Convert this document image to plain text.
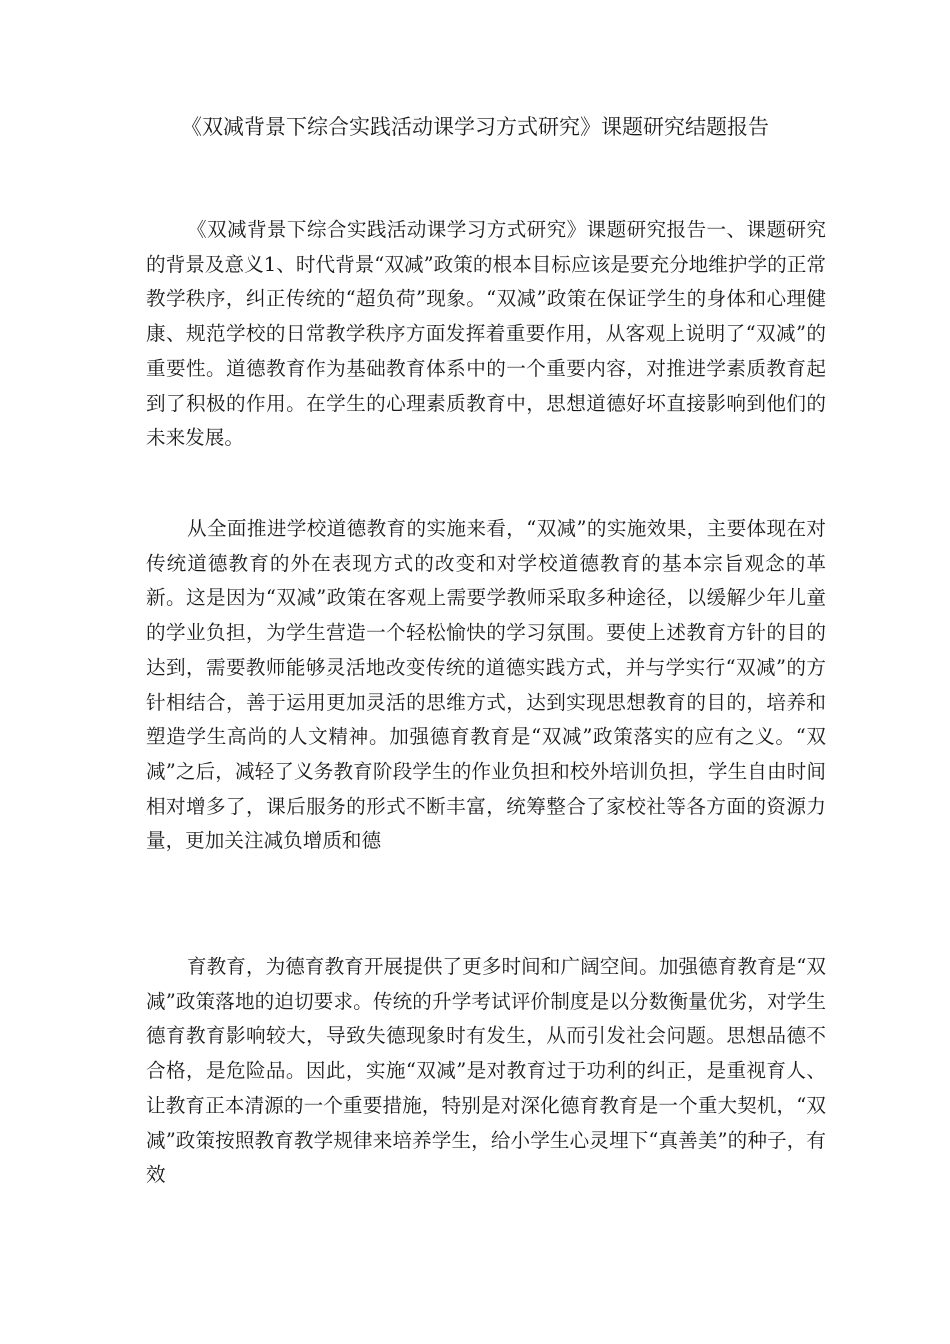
《双减背景下综合实践活动课学习方式研究》课题研究结题报告

《双减背景下综合实践活动课学习方式研究》课题研究报告一、课题研究的背景及意义1、时代背景“双减”政策的根本目标应该是要充分地维护学的正常教学秩序，纠正传统的“超负荷”现象。“双减”政策在保证学生的身体和心理健康、规范学校的日常教学秩序方面发挥着重要作用，从客观上说明了“双减”的重要性。道德教育作为基础教育体系中的一个重要内容，对推进学素质教育起到了积极的作用。在学生的心理素质教育中，思想道德好坏直接影响到他们的未来发展。

从全面推进学校道德教育的实施来看，“双减”的实施效果，主要体现在对传统道德教育的外在表现方式的改变和对学校道德教育的基本宗旨观念的革新。这是因为“双减”政策在客观上需要学教师采取多种途径，以缓解少年儿童的学业负担，为学生营造一个轻松愉快的学习氛围。要使上述教育方针的目的达到，需要教师能够灵活地改变传统的道德实践方式，并与学实行“双减”的方针相结合，善于运用更加灵活的思维方式，达到实现思想教育的目的，培养和塑造学生高尚的人文精神。加强德育教育是“双减”政策落实的应有之义。“双减”之后，减轻了义务教育阶段学生的作业负担和校外培训负担，学生自由时间相对增多了，课后服务的形式不断丰富，统筹整合了家校社等各方面的资源力量，更加关注减负增质和德

育教育，为德育教育开展提供了更多时间和广阔空间。加强德育教育是“双减”政策落地的迫切要求。传统的升学考试评价制度是以分数衡量优劣，对学生德育教育影响较大，导致失德现象时有发生，从而引发社会问题。思想品德不合格，是危险品。因此，实施“双减”是对教育过于功利的纠正，是重视育人、让教育正本清源的一个重要措施，特别是对深化德育教育是一个重大契机，“双减”政策按照教育教学规律来培养学生，给小学生心灵埋下“真善美”的种子，有效
